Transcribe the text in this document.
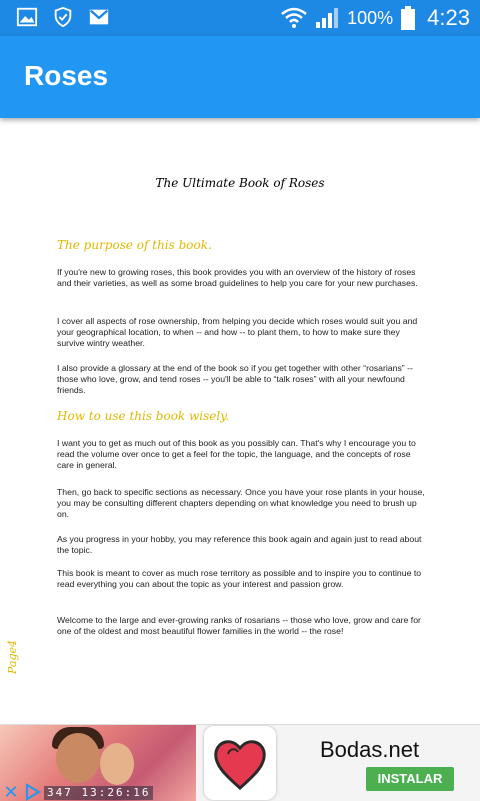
100% 4:23
Roses
The Ultimate Book of Roses
The purpose of this book.

If you're new to growing roses, this book provides you with an overview of the history of roses and their varieties, as well as some broad guidelines to help you care for your new purchases.

I cover all aspects of rose ownership, from helping you decide which roses would suit you and your geographical location, to when -- and how -- to plant them, to how to make sure they survive wintry weather.

I also provide a glossary at the end of the book so if you get together with other “rosarians” -- those who love, grow, and tend roses -- you'll be able to “talk roses” with all your newfound friends.

How to use this book wisely.

I want you to get as much out of this book as you possibly can. That's why I encourage you to read the volume over once to get a feel for the topic, the language, and the concepts of rose care in general.

Then, go back to specific sections as necessary. Once you have your rose plants in your house, you may be consulting different chapters depending on what knowledge you need to brush up on.

As you progress in your hobby, you may reference this book again and again just to read about the topic.

This book is meant to cover as much rose territory as possible and to inspire you to continue to read everything you can about the topic as your interest and passion grow.

Welcome to the large and ever-growing ranks of rosarians -- those who love, grow and care for one of the oldest and most beautiful flower families in the world -- the rose!

Page4
347 13:26:16
✕
Bodas.net
INSTALAR
